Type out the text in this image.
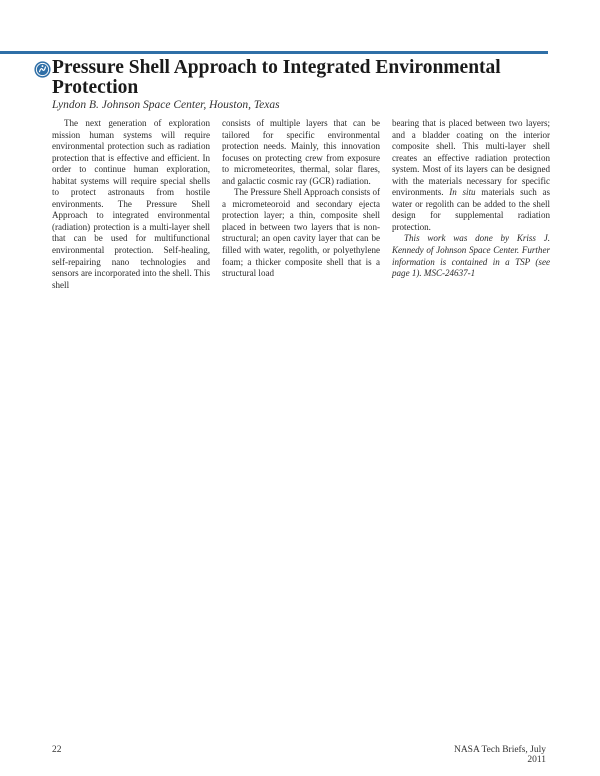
Pressure Shell Approach to Integrated Environmental Protection

Lyndon B. Johnson Space Center, Houston, Texas

The next generation of exploration mission human systems will require environmental protection such as radiation protection that is effective and efficient. In order to continue human exploration, habitat systems will require special shells to protect astronauts from hostile environments. The Pressure Shell Approach to integrated environmental (radiation) protection is a multi-layer shell that can be used for multifunctional environmental protection. Self-healing, self-repairing nano technologies and sensors are incorporated into the shell. This shell

consists of multiple layers that can be tailored for specific environmental protection needs. Mainly, this innovation focuses on protecting crew from exposure to micrometeorites, thermal, solar flares, and galactic cosmic ray (GCR) radiation.

The Pressure Shell Approach consists of a micrometeoroid and secondary ejecta protection layer; a thin, composite shell placed in between two layers that is non-structural; an open cavity layer that can be filled with water, regolith, or polyethylene foam; a thicker composite shell that is a structural load

bearing that is placed between two layers; and a bladder coating on the interior composite shell. This multi-layer shell creates an effective radiation protection system. Most of its layers can be designed with the materials necessary for specific environments. In situ materials such as water or regolith can be added to the shell design for supplemental radiation protection.

This work was done by Kriss J. Kennedy of Johnson Space Center. Further information is contained in a TSP (see page 1). MSC-24637-1

22	NASA Tech Briefs, July 2011
